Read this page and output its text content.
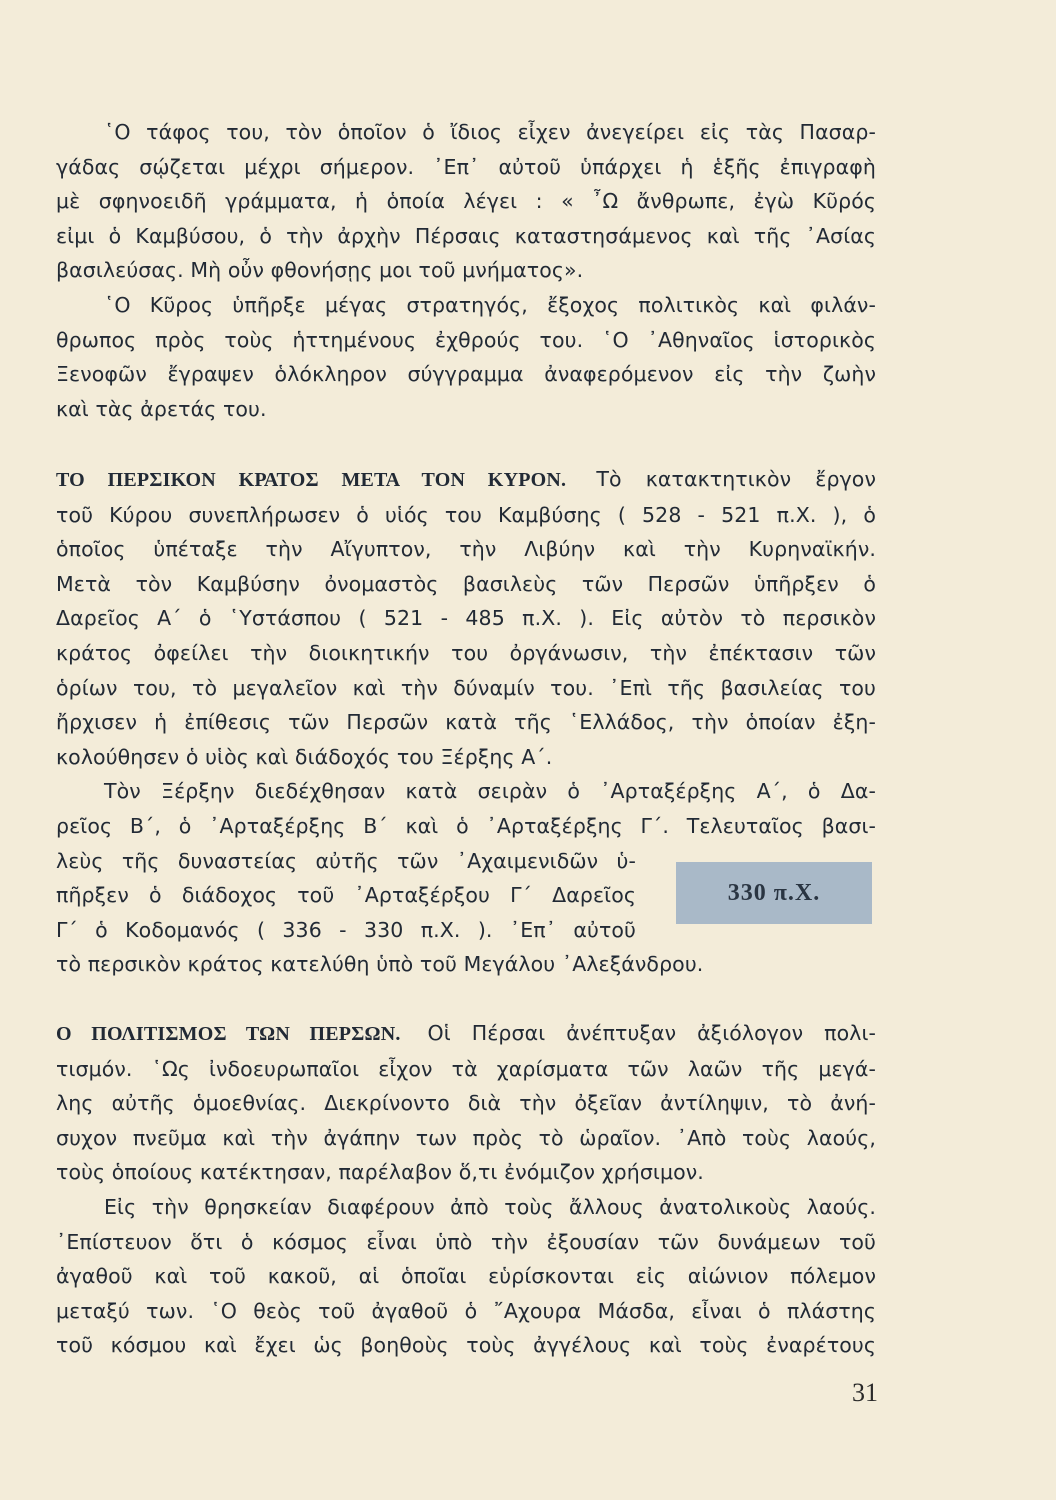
῾Ο τάφος του, τὸν ὁποῖον ὁ ἴδιος εἶχεν ἀνεγείρει εἰς τὰς Πασαρ-
γάδας σῴζεται μέχρι σήμερον. ᾿Επ᾿ αὐτοῦ ὑπάρχει ἡ ἑξῆς ἐπιγραφὴ
μὲ σφηνοειδῆ γράμματα, ἡ ὁποία λέγει : « ῏Ω ἄνθρωπε, ἐγὼ Κῦρός
εἰμι ὁ Καμβύσου, ὁ τὴν ἀρχὴν Πέρσαις καταστησάμενος καὶ τῆς ᾿Ασίας
βασιλεύσας. Μὴ οὖν φθονήσῃς μοι τοῦ μνήματος».
῾Ο Κῦρος ὑπῆρξε μέγας στρατηγός, ἔξοχος πολιτικὸς καὶ φιλάν-
θρωπος πρὸς τοὺς ἡττημένους ἐχθρούς του. ῾Ο ᾿Αθηναῖος ἱστορικὸς
Ξενοφῶν ἔγραψεν ὁλόκληρον σύγγραμμα ἀναφερόμενον εἰς τὴν ζωὴν
καὶ τὰς ἀρετάς του.
ΤΟ ΠΕΡΣΙΚΟΝ ΚΡΑΤΟΣ ΜΕΤΑ ΤΟΝ ΚΥΡΟΝ. Τὸ κατακτητικὸν ἔργον
τοῦ Κύρου συνεπλήρωσεν ὁ υἱός του Καμβύσης ( 528 - 521 π.Χ. ), ὁ
ὁποῖος ὑπέταξε τὴν Αἴγυπτον, τὴν Λιβύην καὶ τὴν Κυρηναϊκήν.
Μετὰ τὸν Καμβύσην ὀνομαστὸς βασιλεὺς τῶν Περσῶν ὑπῆρξεν ὁ
Δαρεῖος Α΄ ὁ ῾Υστάσπου ( 521 - 485 π.Χ. ). Εἰς αὐτὸν τὸ περσικὸν
κράτος ὀφείλει τὴν διοικητικήν του ὀργάνωσιν, τὴν ἐπέκτασιν τῶν
ὁρίων του, τὸ μεγαλεῖον καὶ τὴν δύναμίν του. ᾿Επὶ τῆς βασιλείας του
ἤρχισεν ἡ ἐπίθεσις τῶν Περσῶν κατὰ τῆς ῾Ελλάδος, τὴν ὁποίαν ἐξη-
κολούθησεν ὁ υἱὸς καὶ διάδοχός του Ξέρξης Α΄.
Τὸν Ξέρξην διεδέχθησαν κατὰ σειρὰν ὁ ᾿Αρταξέρξης Α΄, ὁ Δα-
ρεῖος Β΄, ὁ ᾿Αρταξέρξης Β΄ καὶ ὁ ᾿Αρταξέρξης Γ΄. Τελευταῖος βασι-
λεὺς τῆς δυναστείας αὐτῆς τῶν ᾿Αχαιμενιδῶν ὑ-
πῆρξεν ὁ διάδοχος τοῦ ᾿Αρταξέρξου Γ΄ Δαρεῖος
Γ΄ ὁ Κοδομανός ( 336 - 330 π.Χ. ). ᾿Επ᾿ αὐτοῦ
τὸ περσικὸν κράτος κατελύθη ὑπὸ τοῦ Μεγάλου ᾿Αλεξάνδρου.
330 π.Χ.
Ο ΠΟΛΙΤΙΣΜΟΣ ΤΩΝ ΠΕΡΣΩΝ. Οἱ Πέρσαι ἀνέπτυξαν ἀξιόλογον πολι-
τισμόν. ῾Ως ἰνδοευρωπαῖοι εἶχον τὰ χαρίσματα τῶν λαῶν τῆς μεγά-
λης αὐτῆς ὁμοεθνίας. Διεκρίνοντο διὰ τὴν ὀξεῖαν ἀντίληψιν, τὸ ἀνή-
συχον πνεῦμα καὶ τὴν ἀγάπην των πρὸς τὸ ὡραῖον. ᾿Απὸ τοὺς λαούς,
τοὺς ὁποίους κατέκτησαν, παρέλαβον ὅ,τι ἐνόμιζον χρήσιμον.
Εἰς τὴν θρησκείαν διαφέρουν ἀπὸ τοὺς ἄλλους ἀνατολικοὺς λαούς.
᾿Επίστευον ὅτι ὁ κόσμος εἶναι ὑπὸ τὴν ἐξουσίαν τῶν δυνάμεων τοῦ
ἀγαθοῦ καὶ τοῦ κακοῦ, αἱ ὁποῖαι εὑρίσκονται εἰς αἰώνιον πόλεμον
μεταξύ των. ῾Ο θεὸς τοῦ ἀγαθοῦ ὁ ῎Αχουρα Μάσδα, εἶναι ὁ πλάστης
τοῦ κόσμου καὶ ἔχει ὡς βοηθοὺς τοὺς ἀγγέλους καὶ τοὺς ἐναρέτους
31
